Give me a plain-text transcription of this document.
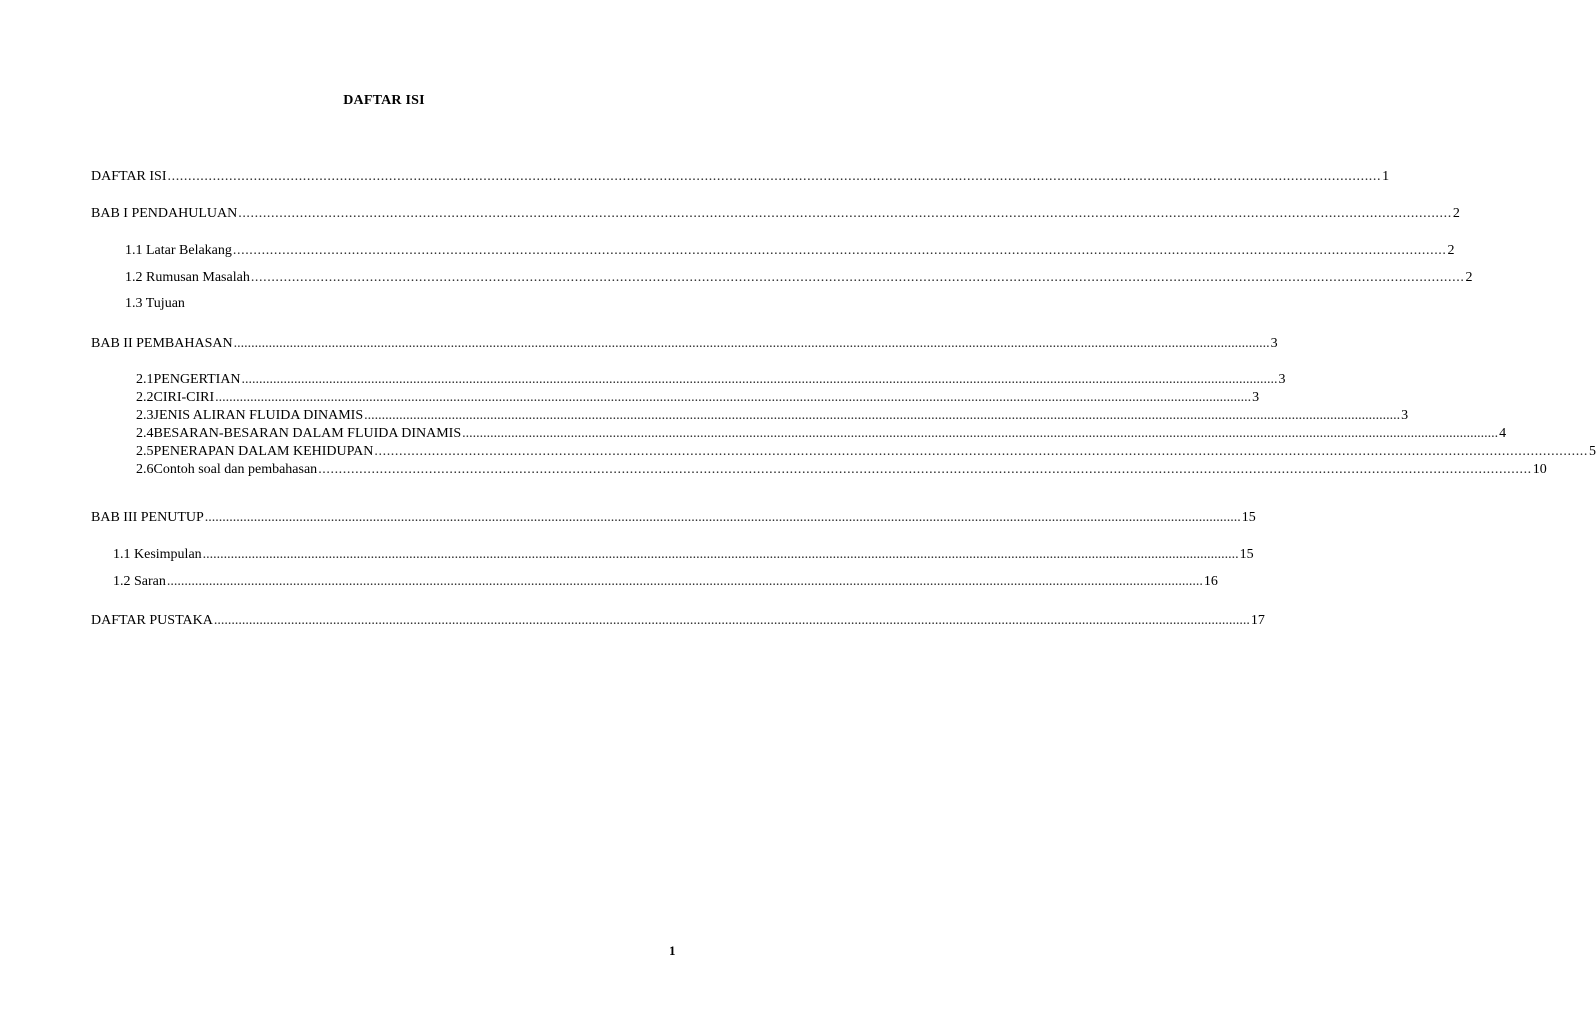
DAFTAR ISI
DAFTAR ISI ........................................................................................................................................................................................................................................................................................................ 1
BAB I PENDAHULUAN ........................................................................................................................................................................................................................................................................................................ 2
1.1 Latar Belakang ........................................................................................................................................................................................................................................................................................................ 2
1.2 Rumusan Masalah ........................................................................................................................................................................................................................................................................................................ 2
1.3 Tujuan
BAB II PEMBAHASAN ........................................................................................................................................................................................................................................................................................................ 3
2.1 PENGERTIAN ........................................................................................................................................................................................................................................................................................................ 3
2.2 CIRI-CIRI ........................................................................................................................................................................................................................................................................................................ 3
2.3 JENIS ALIRAN FLUIDA DINAMIS ........................................................................................................................................................................................................................................................................................................ 3
2.4 BESARAN-BESARAN DALAM FLUIDA DINAMIS ........................................................................................................................................................................................................................................................................................................ 4
2.5 PENERAPAN DALAM KEHIDUPAN ........................................................................................................................................................................................................................................................................................................ 5
2.6 Contoh soal dan pembahasan ........................................................................................................................................................................................................................................................................................................ 10
BAB III PENUTUP ........................................................................................................................................................................................................................................................................................................ 15
1.1 Kesimpulan ........................................................................................................................................................................................................................................................................................................ 15
1.2 Saran ........................................................................................................................................................................................................................................................................................................ 16
DAFTAR PUSTAKA ........................................................................................................................................................................................................................................................................................................ 17
1
